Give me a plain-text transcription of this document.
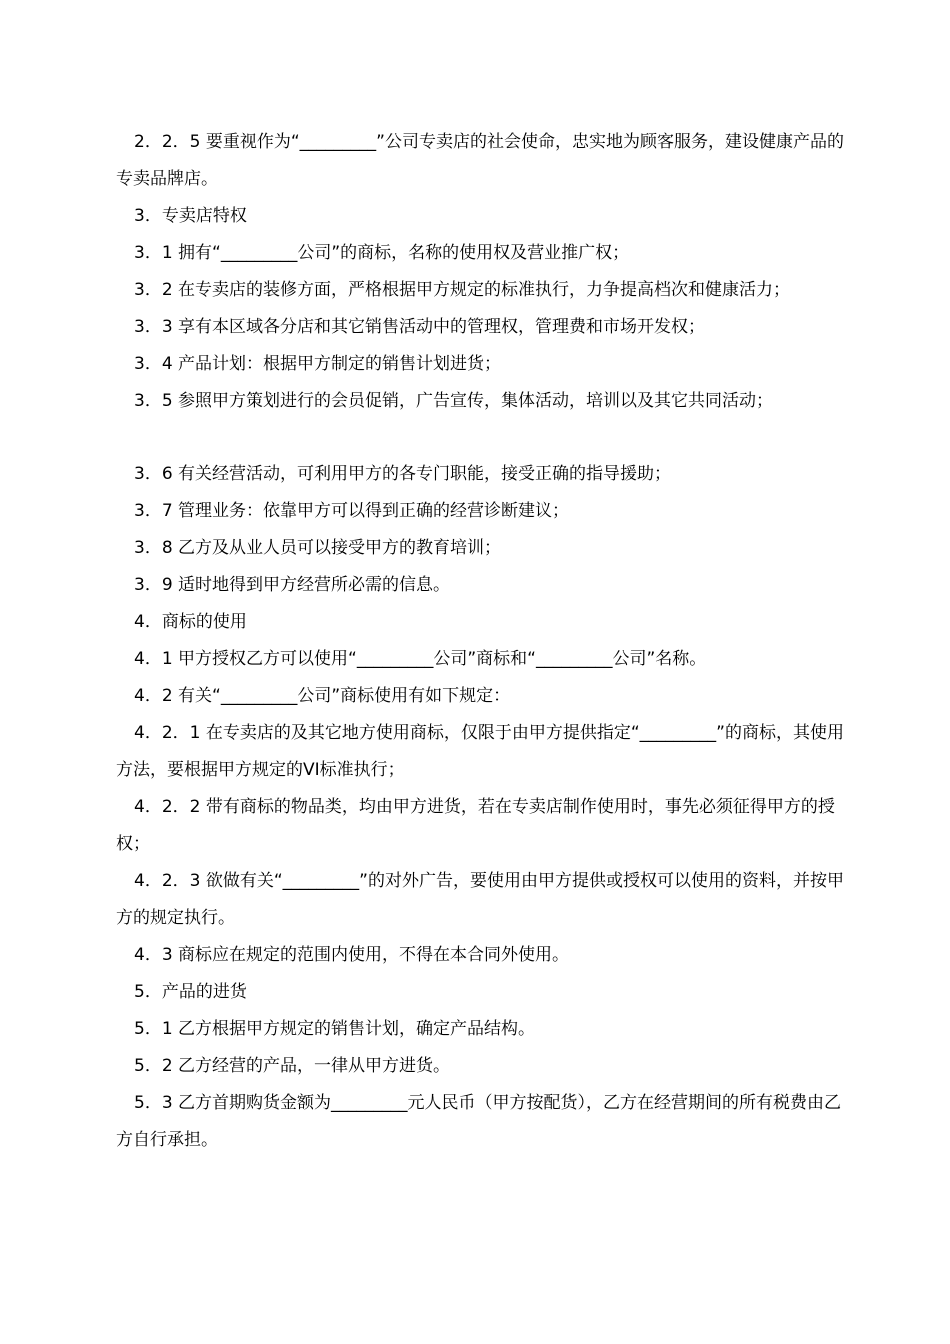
2．2．5 要重视作为“_________”公司专卖店的社会使命，忠实地为顾客服务，建设健康产品的专卖品牌店。

3．专卖店特权

3．1 拥有“_________公司”的商标，名称的使用权及营业推广权；

3．2 在专卖店的装修方面，严格根据甲方规定的标准执行，力争提高档次和健康活力；

3．3 享有本区域各分店和其它销售活动中的管理权，管理费和市场开发权；

3．4 产品计划：根据甲方制定的销售计划进货；

3．5 参照甲方策划进行的会员促销，广告宣传，集体活动，培训以及其它共同活动；

3．6 有关经营活动，可利用甲方的各专门职能，接受正确的指导援助；

3．7 管理业务：依靠甲方可以得到正确的经营诊断建议；

3．8 乙方及从业人员可以接受甲方的教育培训；

3．9 适时地得到甲方经营所必需的信息。

4．商标的使用

4．1 甲方授权乙方可以使用“_________公司”商标和“_________公司”名称。

4．2 有关“_________公司”商标使用有如下规定：

4．2．1 在专卖店的及其它地方使用商标，仅限于由甲方提供指定“_________”的商标，其使用方法，要根据甲方规定的VI标准执行；

4．2．2 带有商标的物品类，均由甲方进货，若在专卖店制作使用时，事先必须征得甲方的授权；

4．2．3 欲做有关“_________”的对外广告，要使用由甲方提供或授权可以使用的资料，并按甲方的规定执行。

4．3 商标应在规定的范围内使用，不得在本合同外使用。

5．产品的进货

5．1 乙方根据甲方规定的销售计划，确定产品结构。

5．2 乙方经营的产品，一律从甲方进货。

5．3 乙方首期购货金额为_________元人民币（甲方按配货），乙方在经营期间的所有税费由乙方自行承担。
